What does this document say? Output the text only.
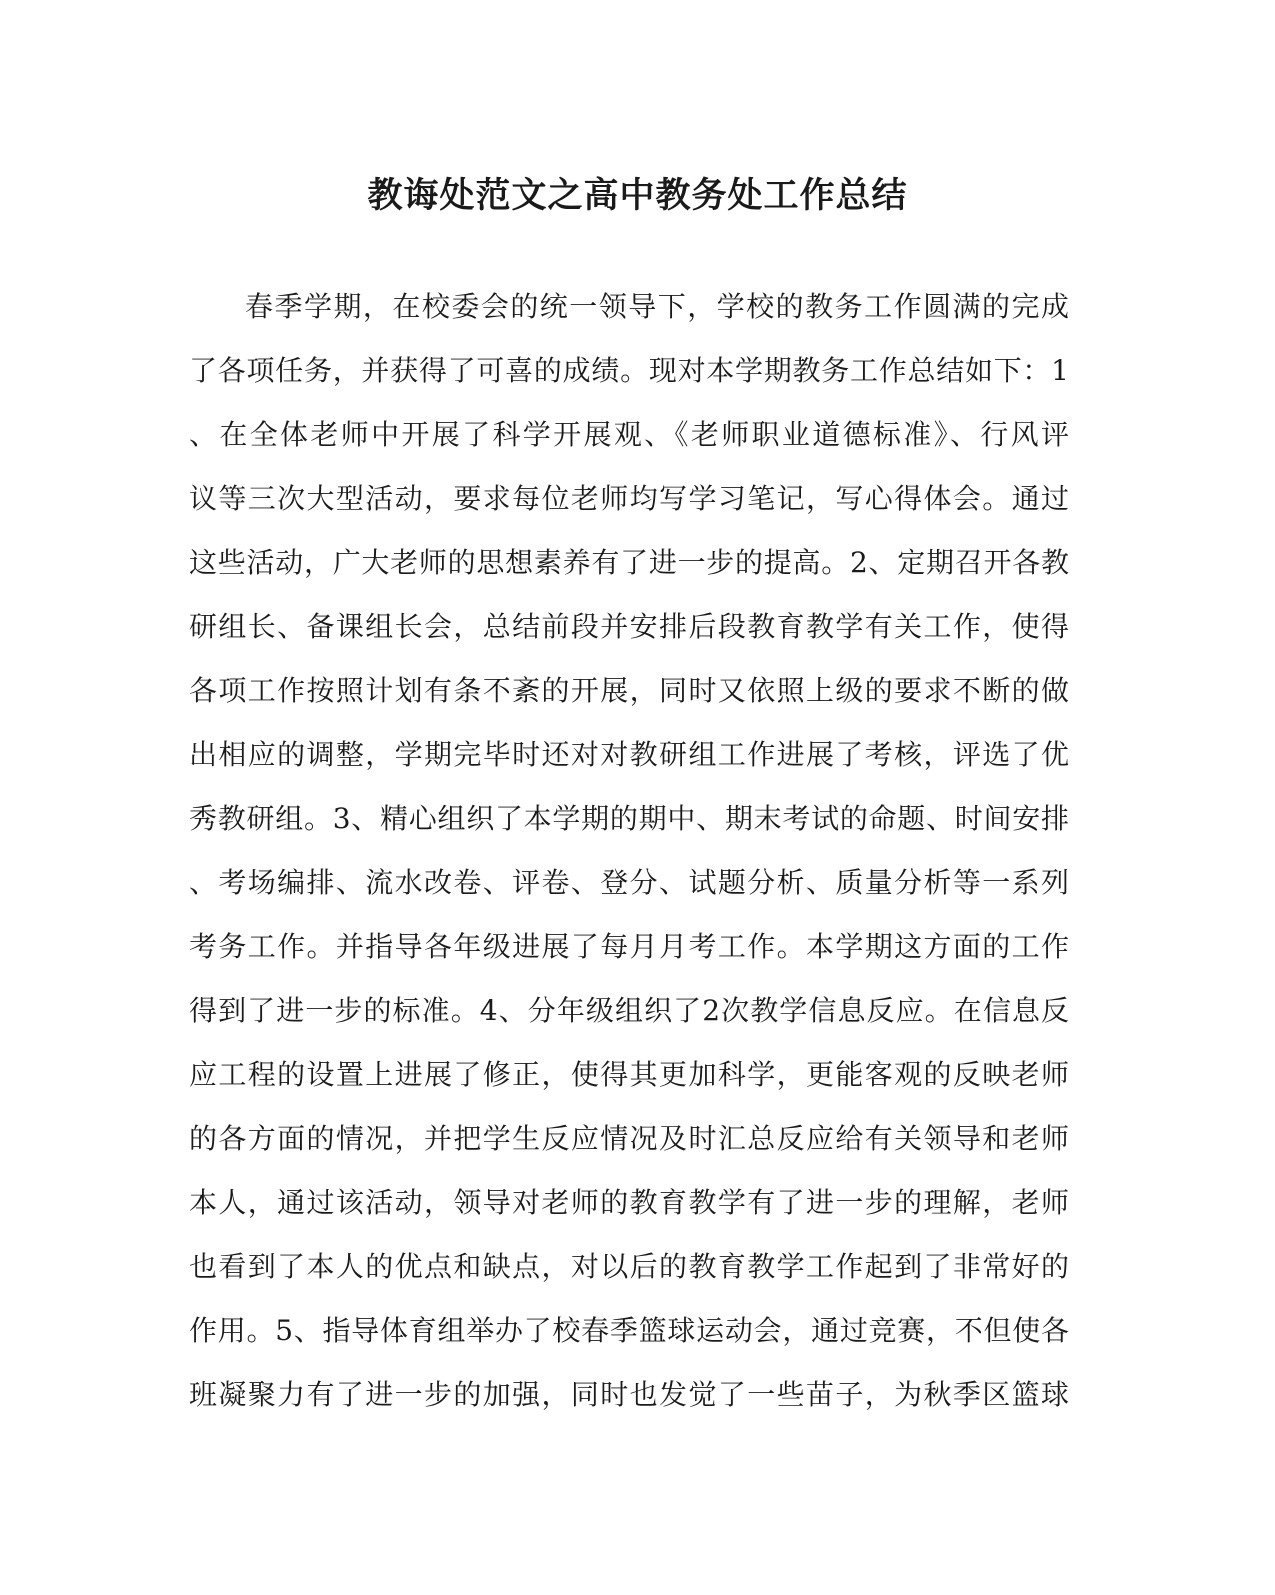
教诲处范文之高中教务处工作总结
春季学期，在校委会的统一领导下，学校的教务工作圆满的完成
了各项任务，并获得了可喜的成绩。现对本学期教务工作总结如下：1
、在全体老师中开展了科学开展观、《老师职业道德标准》、行风评
议等三次大型活动，要求每位老师均写学习笔记，写心得体会。通过
这些活动，广大老师的思想素养有了进一步的提高。2、定期召开各教
研组长、备课组长会，总结前段并安排后段教育教学有关工作，使得
各项工作按照计划有条不紊的开展，同时又依照上级的要求不断的做
出相应的调整，学期完毕时还对对教研组工作进展了考核，评选了优
秀教研组。3、精心组织了本学期的期中、期末考试的命题、时间安排
、考场编排、流水改卷、评卷、登分、试题分析、质量分析等一系列
考务工作。并指导各年级进展了每月月考工作。本学期这方面的工作
得到了进一步的标准。4、分年级组织了2次教学信息反应。在信息反
应工程的设置上进展了修正，使得其更加科学，更能客观的反映老师
的各方面的情况，并把学生反应情况及时汇总反应给有关领导和老师
本人，通过该活动，领导对老师的教育教学有了进一步的理解，老师
也看到了本人的优点和缺点，对以后的教育教学工作起到了非常好的
作用。5、指导体育组举办了校春季篮球运动会，通过竞赛，不但使各
班凝聚力有了进一步的加强，同时也发觉了一些苗子，为秋季区篮球
